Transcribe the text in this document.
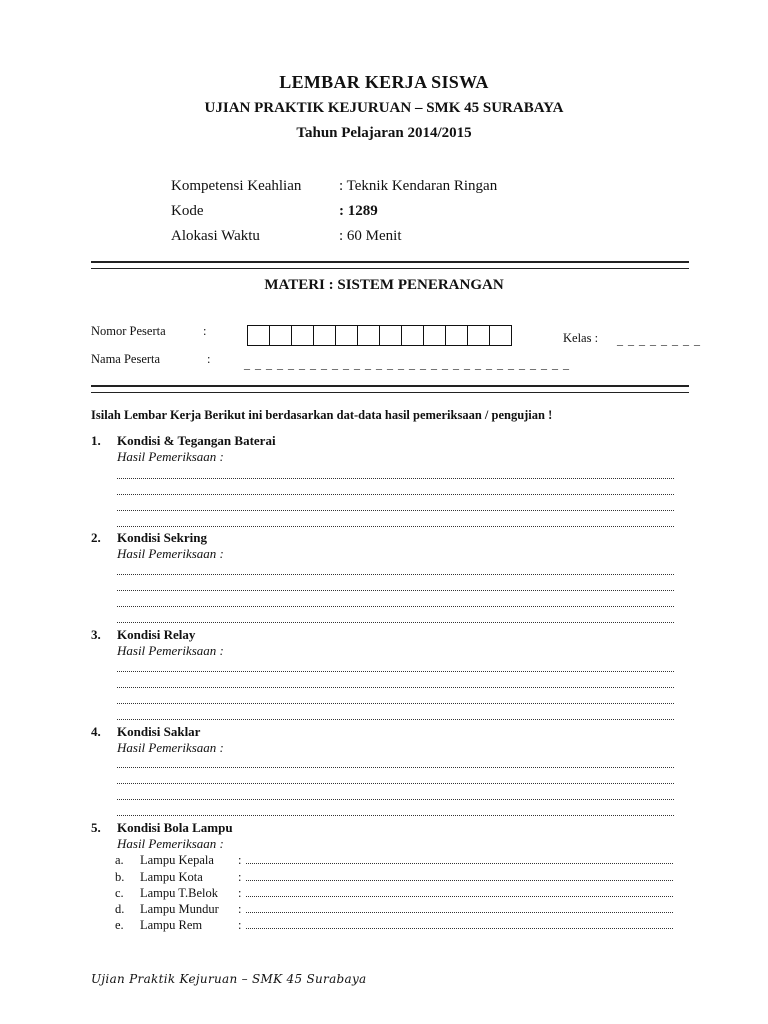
LEMBAR KERJA SISWA
UJIAN PRAKTIK KEJURUAN – SMK 45 SURABAYA
Tahun Pelajaran 2014/2015
Kompetensi Keahlian	: Teknik Kendaran Ringan
Kode	: 1289
Alokasi Waktu	: 60 Menit
MATERI : SISTEM PENERANGAN
Nomor Peserta	:	Kelas : _ _ _ _ _ _ _ _
Nama Peserta	:	_ _ _ _ _ _ _ _ _ _ _ _ _ _ _ _ _ _ _ _ _ _ _ _ _ _ _ _ _ _
Isilah Lembar Kerja Berikut ini berdasarkan dat-data hasil pemeriksaan / pengujian !
1. Kondisi & Tegangan Baterai
Hasil Pemeriksaan :
2. Kondisi Sekring
Hasil Pemeriksaan :
3. Kondisi Relay
Hasil Pemeriksaan :
4. Kondisi Saklar
Hasil Pemeriksaan :
5. Kondisi Bola Lampu
Hasil Pemeriksaan :
a. Lampu Kepala :
b. Lampu Kota	:
c. Lampu T.Belok :
d. Lampu Mundur :
e. Lampu Rem	:
Ujian Praktik Kejuruan – SMK 45 Surabaya
